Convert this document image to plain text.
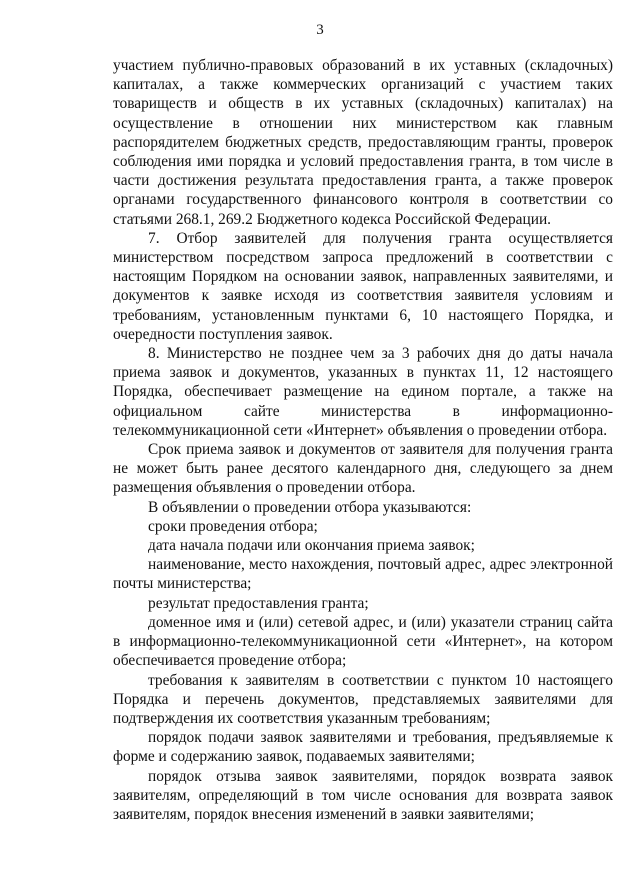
3

участием публично-правовых образований в их уставных (складочных) капиталах, а также коммерческих организаций с участием таких товариществ и обществ в их уставных (складочных) капиталах) на осуществление в отношении них министерством как главным распорядителем бюджетных средств, предоставляющим гранты, проверок соблюдения ими порядка и условий предоставления гранта, в том числе в части достижения результата предоставления гранта, а также проверок органами государственного финансового контроля в соответствии со статьями 268.1, 269.2 Бюджетного кодекса Российской Федерации.

7. Отбор заявителей для получения гранта осуществляется министерством посредством запроса предложений в соответствии с настоящим Порядком на основании заявок, направленных заявителями, и документов к заявке исходя из соответствия заявителя условиям и требованиям, установленным пунктами 6, 10 настоящего Порядка, и очередности поступления заявок.

8. Министерство не позднее чем за 3 рабочих дня до даты начала приема заявок и документов, указанных в пунктах 11, 12 настоящего Порядка, обеспечивает размещение на едином портале, а также на официальном сайте министерства в информационно-телекоммуникационной сети «Интернет» объявления о проведении отбора.

Срок приема заявок и документов от заявителя для получения гранта не может быть ранее десятого календарного дня, следующего за днем размещения объявления о проведении отбора.

В объявлении о проведении отбора указываются:

сроки проведения отбора;

дата начала подачи или окончания приема заявок;

наименование, место нахождения, почтовый адрес, адрес электронной почты министерства;

результат предоставления гранта;

доменное имя и (или) сетевой адрес, и (или) указатели страниц сайта в информационно-телекоммуникационной сети «Интернет», на котором обеспечивается проведение отбора;

требования к заявителям в соответствии с пунктом 10 настоящего Порядка и перечень документов, представляемых заявителями для подтверждения их соответствия указанным требованиям;

порядок подачи заявок заявителями и требования, предъявляемые к форме и содержанию заявок, подаваемых заявителями;

порядок отзыва заявок заявителями, порядок возврата заявок заявителям, определяющий в том числе основания для возврата заявок заявителям, порядок внесения изменений в заявки заявителями;
